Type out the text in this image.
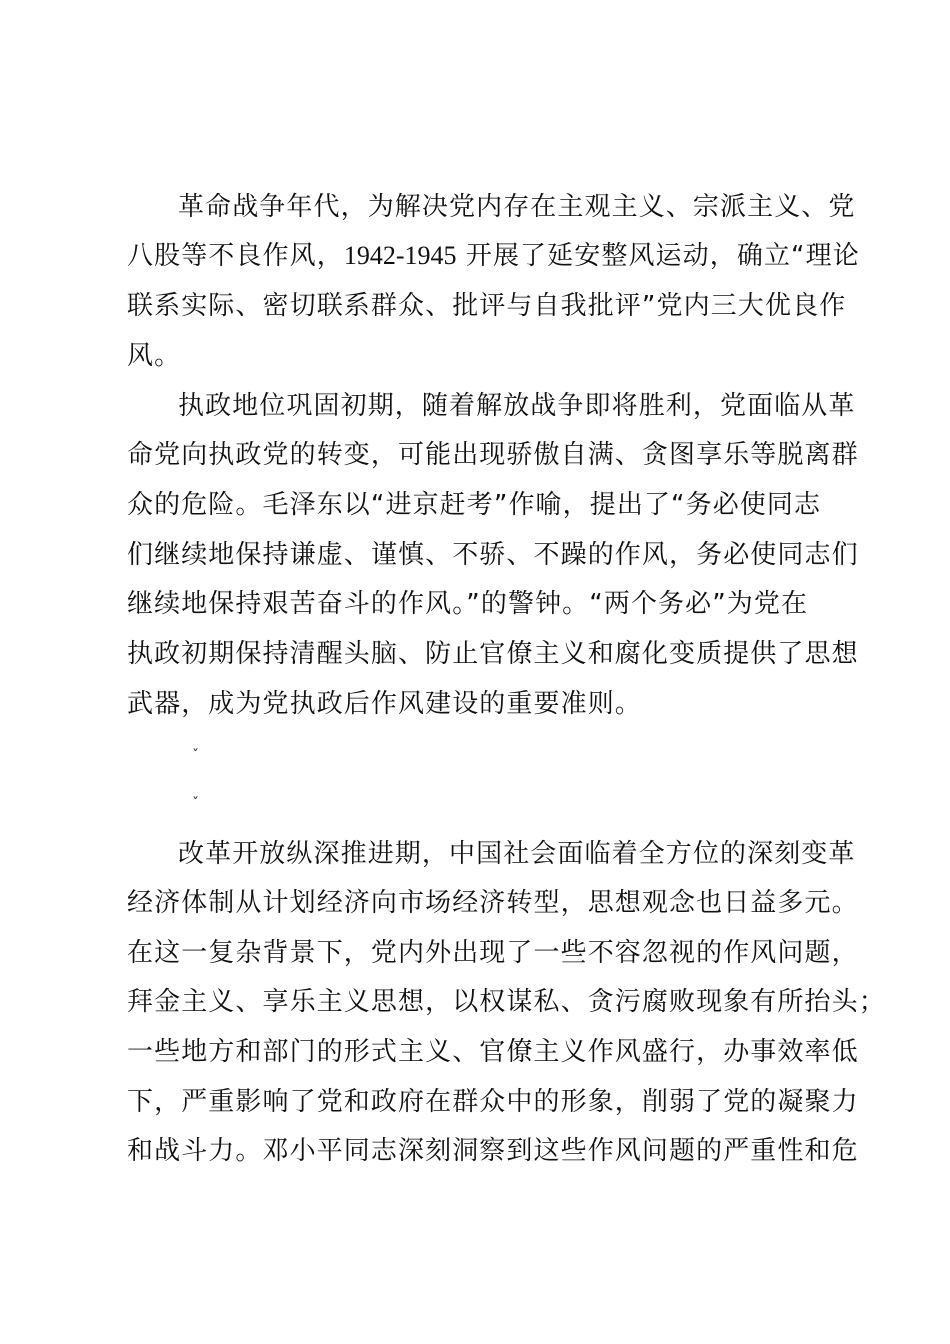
革命战争年代，为解决党内存在主观主义、宗派主义、党
八股等不良作风，1942-1945 开展了延安整风运动，确立“理论
联系实际、密切联系群众、批评与自我批评”党内三大优良作
风。
执政地位巩固初期，随着解放战争即将胜利，党面临从革
命党向执政党的转变，可能出现骄傲自满、贪图享乐等脱离群
众的危险。毛泽东以“进京赶考”作喻，提出了“务必使同志
们继续地保持谦虚、谨慎、不骄、不躁的作风，务必使同志们
继续地保持艰苦奋斗的作风。”的警钟。“两个务必”为党在
执政初期保持清醒头脑、防止官僚主义和腐化变质提供了思想
武器，成为党执政后作风建设的重要准则。
ˇ
ˇ
改革开放纵深推进期，中国社会面临着全方位的深刻变革
经济体制从计划经济向市场经济转型，思想观念也日益多元。
在这一复杂背景下，党内外出现了一些不容忽视的作风问题，
拜金主义、享乐主义思想，以权谋私、贪污腐败现象有所抬头；
一些地方和部门的形式主义、官僚主义作风盛行，办事效率低
下，严重影响了党和政府在群众中的形象，削弱了党的凝聚力
和战斗力。邓小平同志深刻洞察到这些作风问题的严重性和危
